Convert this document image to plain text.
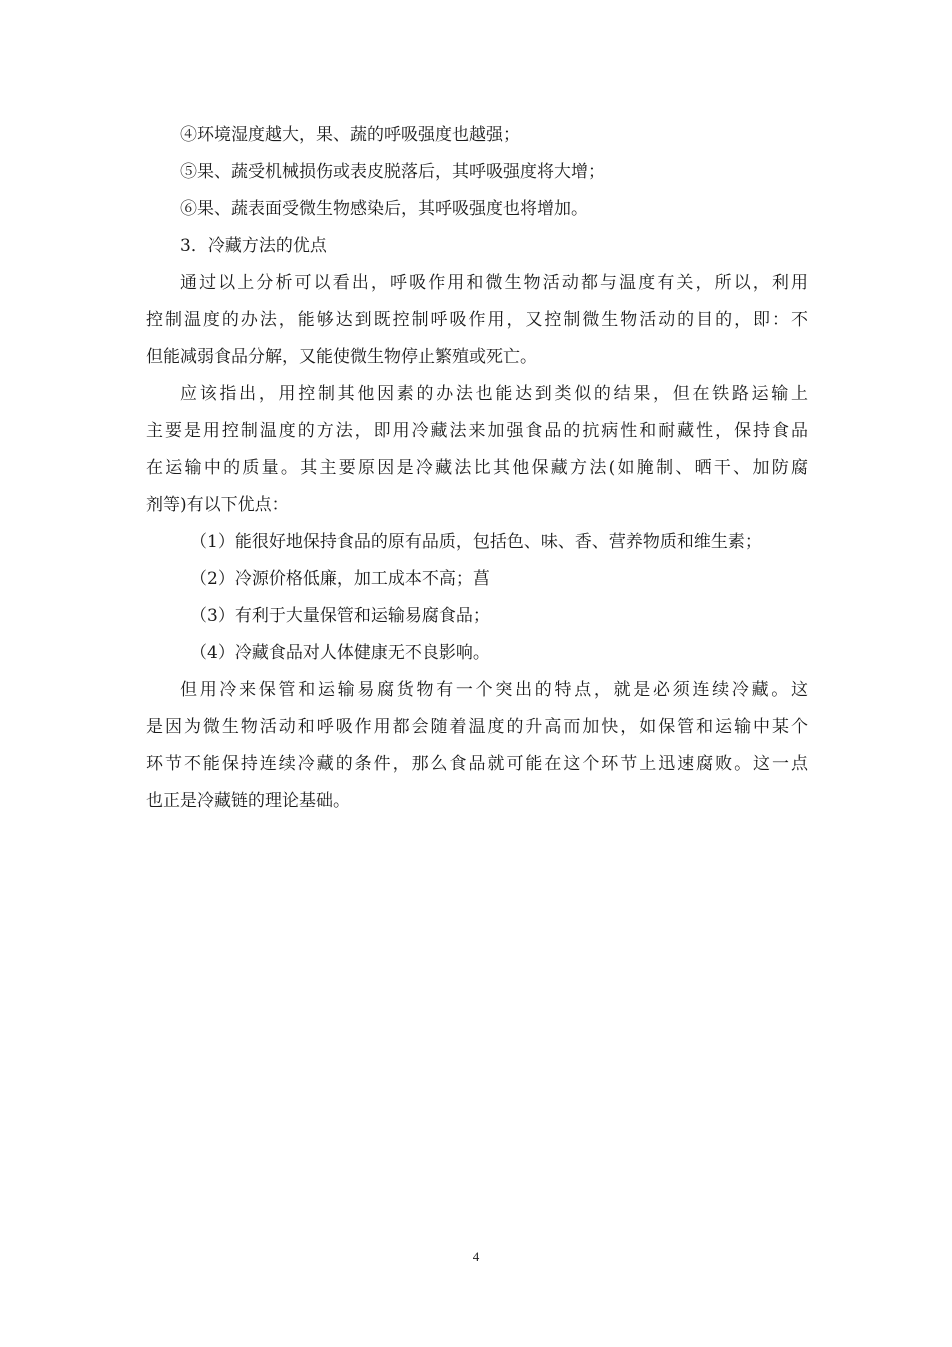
④环境湿度越大，果、蔬的呼吸强度也越强；
⑤果、蔬受机械损伤或表皮脱落后，其呼吸强度将大增；
⑥果、蔬表面受微生物感染后，其呼吸强度也将增加。
3．冷藏方法的优点
通过以上分析可以看出，呼吸作用和微生物活动都与温度有关，所以，利用
控制温度的办法，能够达到既控制呼吸作用，又控制微生物活动的目的，即：不
但能减弱食品分解，又能使微生物停止繁殖或死亡。
应该指出，用控制其他因素的办法也能达到类似的结果，但在铁路运输上
主要是用控制温度的方法，即用冷藏法来加强食品的抗病性和耐藏性，保持食品
在运输中的质量。其主要原因是冷藏法比其他保藏方法(如腌制、晒干、加防腐
剂等)有以下优点：
（1）能很好地保持食品的原有品质，包括色、味、香、营养物质和维生素；
（2）冷源价格低廉，加工成本不高；菖
（3）有利于大量保管和运输易腐食品；
（4）冷藏食品对人体健康无不良影响。
但用冷来保管和运输易腐货物有一个突出的特点，就是必须连续冷藏。这
是因为微生物活动和呼吸作用都会随着温度的升高而加快，如保管和运输中某个
环节不能保持连续冷藏的条件，那么食品就可能在这个环节上迅速腐败。这一点
也正是冷藏链的理论基础。
4
